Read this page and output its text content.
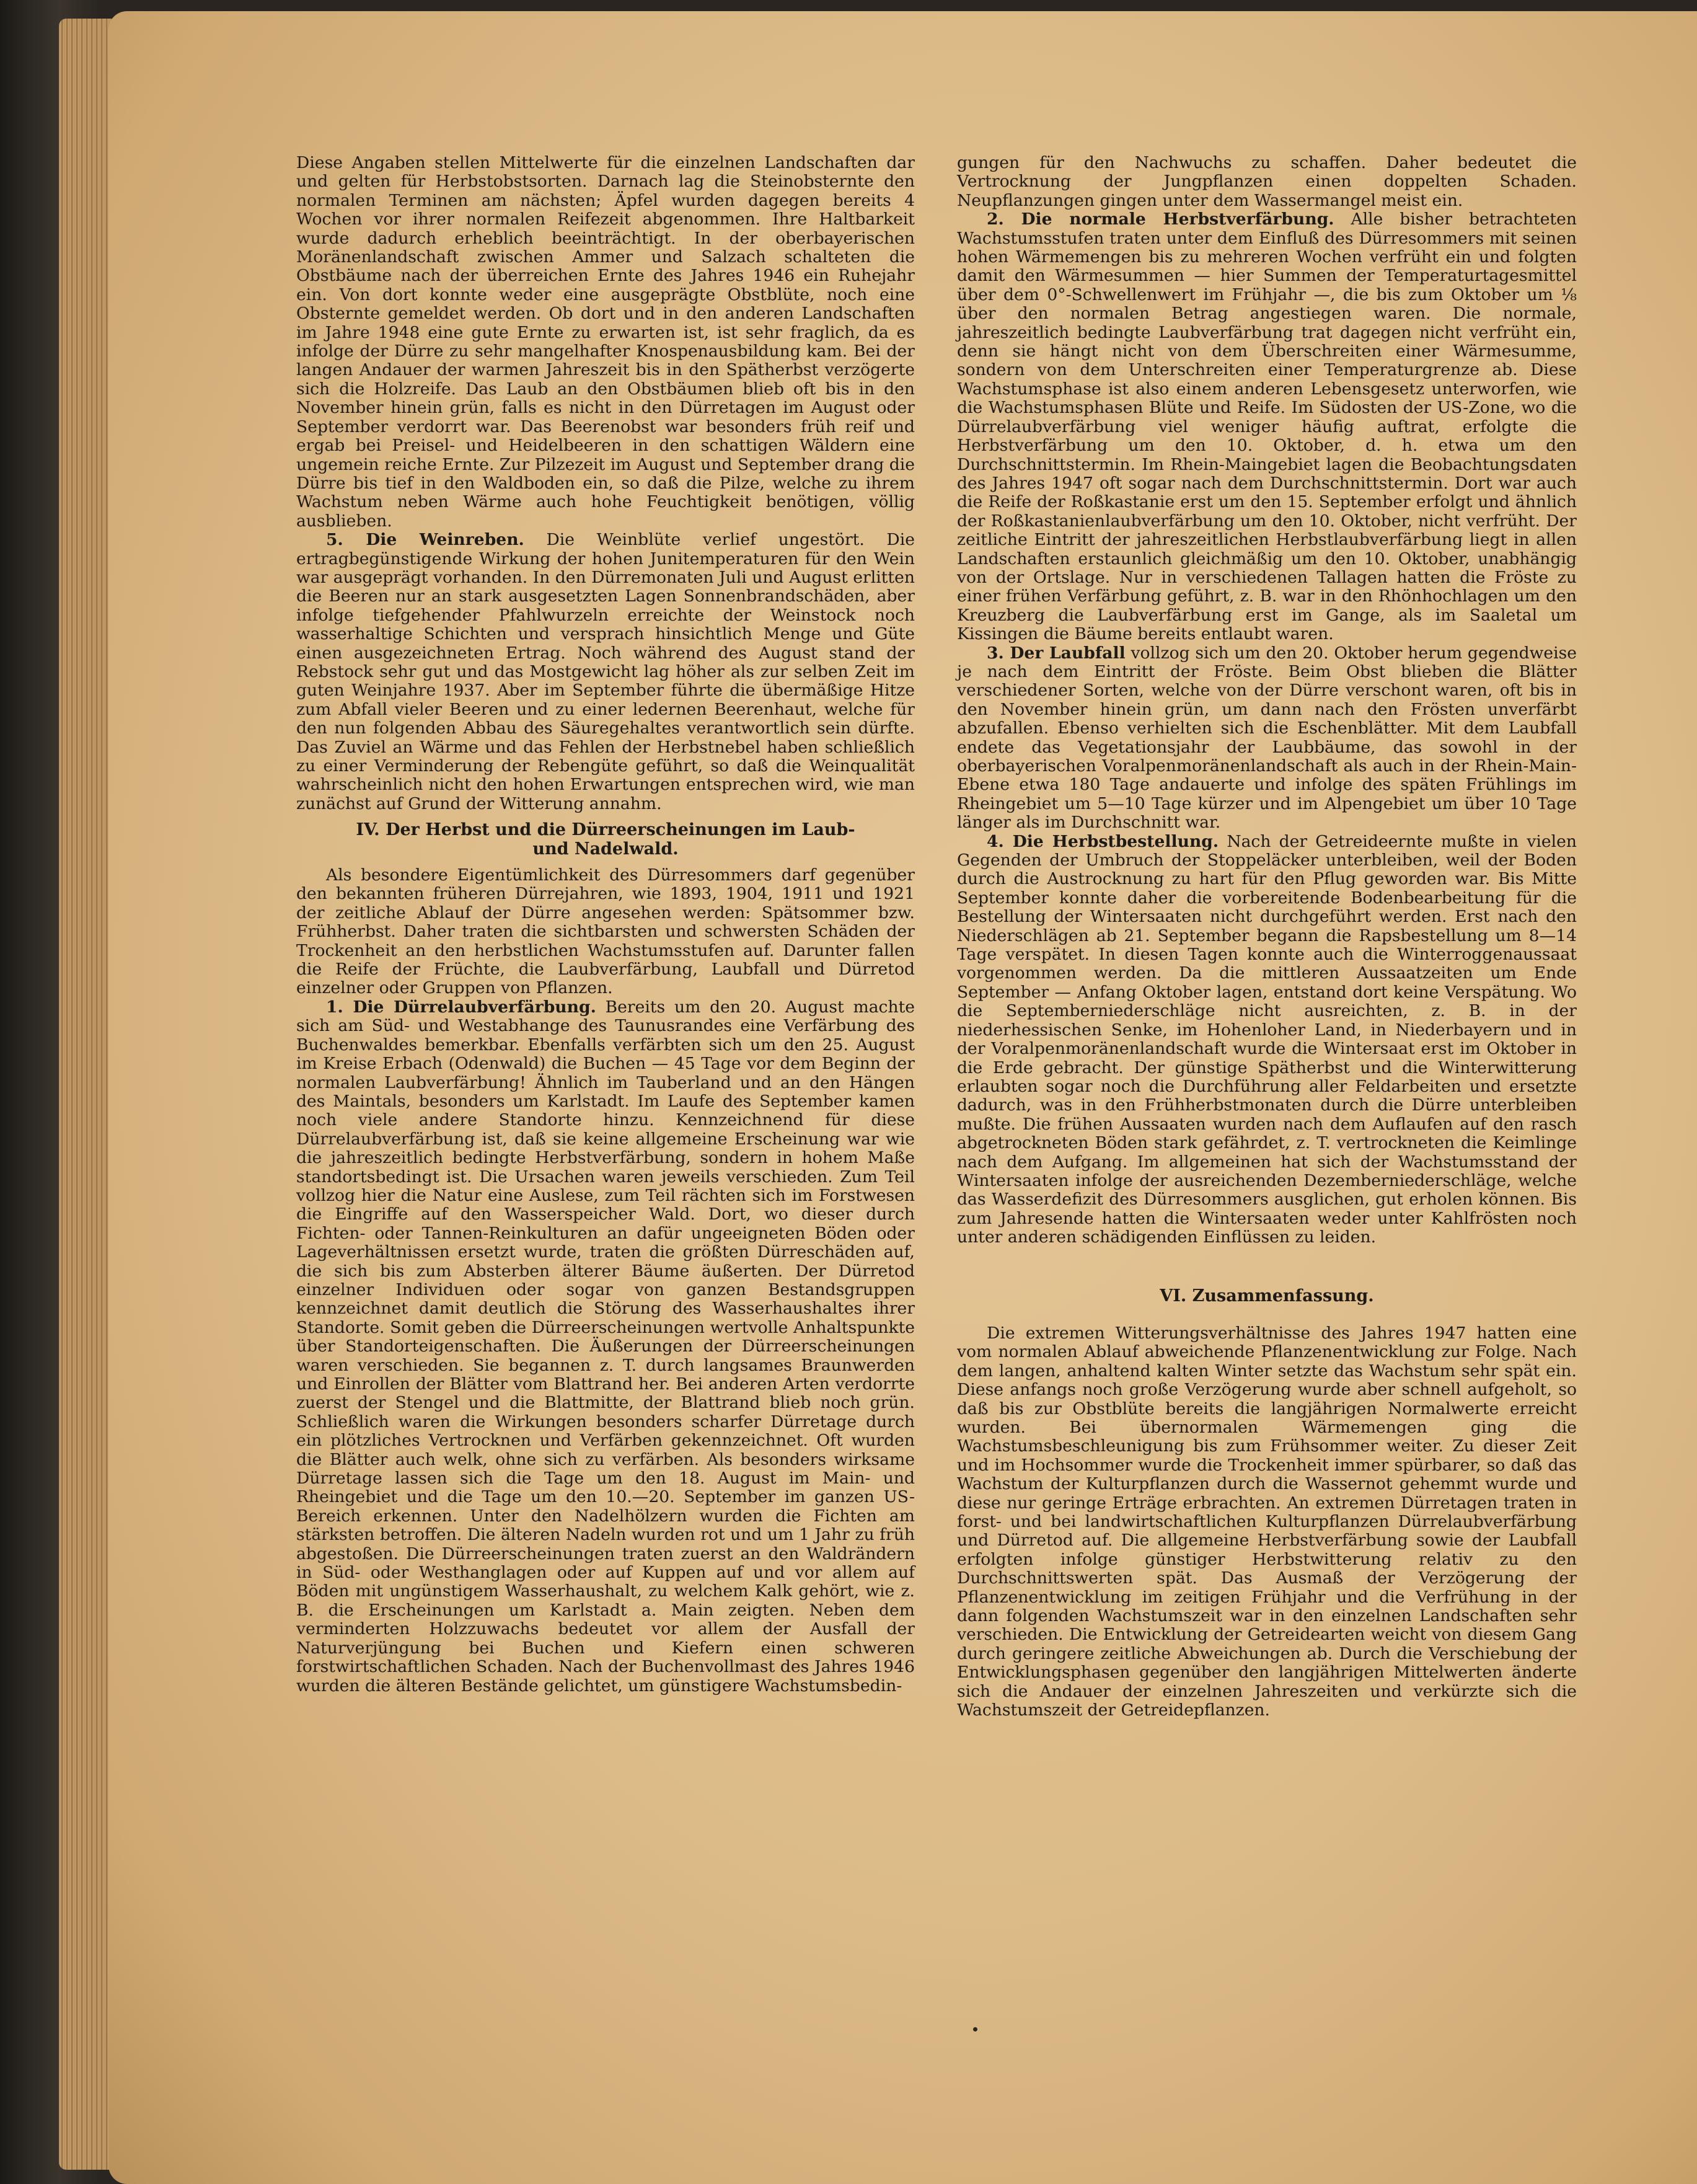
Diese Angaben stellen Mittelwerte für die einzelnen Landschaften dar und gelten für Herbstobstsorten. Darnach lag die Steinobsternte den normalen Terminen am nächsten; Äpfel wurden dagegen bereits 4 Wochen vor ihrer normalen Reifezeit abgenommen. Ihre Haltbarkeit wurde dadurch erheblich beeinträchtigt. In der oberbayerischen Moränenlandschaft zwischen Ammer und Salzach schalteten die Obstbäume nach der überreichen Ernte des Jahres 1946 ein Ruhejahr ein. Von dort konnte weder eine ausgeprägte Obstblüte, noch eine Obsternte gemeldet werden. Ob dort und in den anderen Landschaften im Jahre 1948 eine gute Ernte zu erwarten ist, ist sehr fraglich, da es infolge der Dürre zu sehr mangelhafter Knospenausbildung kam. Bei der langen Andauer der warmen Jahreszeit bis in den Spätherbst verzögerte sich die Holzreife. Das Laub an den Obstbäumen blieb oft bis in den November hinein grün, falls es nicht in den Dürretagen im August oder September verdorrt war. Das Beerenobst war besonders früh reif und ergab bei Preisel- und Heidelbeeren in den schattigen Wäldern eine ungemein reiche Ernte. Zur Pilzezeit im August und September drang die Dürre bis tief in den Waldboden ein, so daß die Pilze, welche zu ihrem Wachstum neben Wärme auch hohe Feuchtigkeit benötigen, völlig ausblieben.

5. Die Weinreben. Die Weinblüte verlief ungestört. Die ertragbegünstigende Wirkung der hohen Junitemperaturen für den Wein war ausgeprägt vorhanden. In den Dürremonaten Juli und August erlitten die Beeren nur an stark ausgesetzten Lagen Sonnenbrandschäden, aber infolge tiefgehender Pfahlwurzeln erreichte der Weinstock noch wasserhaltige Schichten und versprach hinsichtlich Menge und Güte einen ausgezeichneten Ertrag. Noch während des August stand der Rebstock sehr gut und das Mostgewicht lag höher als zur selben Zeit im guten Weinjahre 1937. Aber im September führte die übermäßige Hitze zum Abfall vieler Beeren und zu einer ledernen Beerenhaut, welche für den nun folgenden Abbau des Säuregehaltes verantwortlich sein dürfte. Das Zuviel an Wärme und das Fehlen der Herbstnebel haben schließlich zu einer Verminderung der Rebengüte geführt, so daß die Weinqualität wahrscheinlich nicht den hohen Erwartungen entsprechen wird, wie man zunächst auf Grund der Witterung annahm.

IV. Der Herbst und die Dürreerscheinungen im Laub-
und Nadelwald.

Als besondere Eigentümlichkeit des Dürresommers darf gegenüber den bekannten früheren Dürrejahren, wie 1893, 1904, 1911 und 1921 der zeitliche Ablauf der Dürre angesehen werden: Spätsommer bzw. Frühherbst. Daher traten die sichtbarsten und schwersten Schäden der Trockenheit an den herbstlichen Wachstumsstufen auf. Darunter fallen die Reife der Früchte, die Laubverfärbung, Laubfall und Dürretod einzelner oder Gruppen von Pflanzen.

1. Die Dürrelaubverfärbung. Bereits um den 20. August machte sich am Süd- und Westabhange des Taunusrandes eine Verfärbung des Buchenwaldes bemerkbar. Ebenfalls verfärbten sich um den 25. August im Kreise Erbach (Odenwald) die Buchen — 45 Tage vor dem Beginn der normalen Laubverfärbung! Ähnlich im Tauberland und an den Hängen des Maintals, besonders um Karlstadt. Im Laufe des September kamen noch viele andere Standorte hinzu. Kennzeichnend für diese Dürrelaubverfärbung ist, daß sie keine allgemeine Erscheinung war wie die jahreszeitlich bedingte Herbstverfärbung, sondern in hohem Maße standortsbedingt ist. Die Ursachen waren jeweils verschieden. Zum Teil vollzog hier die Natur eine Auslese, zum Teil rächten sich im Forstwesen die Eingriffe auf den Wasserspeicher Wald. Dort, wo dieser durch Fichten- oder Tannen-Reinkulturen an dafür ungeeigneten Böden oder Lageverhältnissen ersetzt wurde, traten die größten Dürreschäden auf, die sich bis zum Absterben älterer Bäume äußerten. Der Dürretod einzelner Individuen oder sogar von ganzen Bestandsgruppen kennzeichnet damit deutlich die Störung des Wasserhaushaltes ihrer Standorte. Somit geben die Dürreerscheinungen wertvolle Anhaltspunkte über Standorteigenschaften. Die Äußerungen der Dürreerscheinungen waren verschieden. Sie begannen z. T. durch langsames Braunwerden und Einrollen der Blätter vom Blattrand her. Bei anderen Arten verdorrte zuerst der Stengel und die Blattmitte, der Blattrand blieb noch grün. Schließlich waren die Wirkungen besonders scharfer Dürretage durch ein plötzliches Vertrocknen und Verfärben gekennzeichnet. Oft wurden die Blätter auch welk, ohne sich zu verfärben. Als besonders wirksame Dürretage lassen sich die Tage um den 18. August im Main- und Rheingebiet und die Tage um den 10.—20. September im ganzen US-Bereich erkennen. Unter den Nadelhölzern wurden die Fichten am stärksten betroffen. Die älteren Nadeln wurden rot und um 1 Jahr zu früh abgestoßen. Die Dürreerscheinungen traten zuerst an den Waldrändern in Süd- oder Westhanglagen oder auf Kuppen auf und vor allem auf Böden mit ungünstigem Wasserhaushalt, zu welchem Kalk gehört, wie z. B. die Erscheinungen um Karlstadt a. Main zeigten. Neben dem verminderten Holzzuwachs bedeutet vor allem der Ausfall der Naturverjüngung bei Buchen und Kiefern einen schweren forstwirtschaftlichen Schaden. Nach der Buchenvollmast des Jahres 1946 wurden die älteren Bestände gelichtet, um günstigere Wachstumsbedin-

gungen für den Nachwuchs zu schaffen. Daher bedeutet die Vertrocknung der Jungpflanzen einen doppelten Schaden. Neupflanzungen gingen unter dem Wassermangel meist ein.

2. Die normale Herbstverfärbung. Alle bisher betrachteten Wachstumsstufen traten unter dem Einfluß des Dürresommers mit seinen hohen Wärmemengen bis zu mehreren Wochen verfrüht ein und folgten damit den Wärmesummen — hier Summen der Temperaturtagesmittel über dem 0°-Schwellenwert im Frühjahr —, die bis zum Oktober um ⅛ über den normalen Betrag angestiegen waren. Die normale, jahreszeitlich bedingte Laubverfärbung trat dagegen nicht verfrüht ein, denn sie hängt nicht von dem Überschreiten einer Wärmesumme, sondern von dem Unterschreiten einer Temperaturgrenze ab. Diese Wachstumsphase ist also einem anderen Lebensgesetz unterworfen, wie die Wachstumsphasen Blüte und Reife. Im Südosten der US-Zone, wo die Dürrelaubverfärbung viel weniger häufig auftrat, erfolgte die Herbstverfärbung um den 10. Oktober, d. h. etwa um den Durchschnittstermin. Im Rhein-Maingebiet lagen die Beobachtungsdaten des Jahres 1947 oft sogar nach dem Durchschnittstermin. Dort war auch die Reife der Roßkastanie erst um den 15. September erfolgt und ähnlich der Roßkastanienlaubverfärbung um den 10. Oktober, nicht verfrüht. Der zeitliche Eintritt der jahreszeitlichen Herbstlaubverfärbung liegt in allen Landschaften erstaunlich gleichmäßig um den 10. Oktober, unabhängig von der Ortslage. Nur in verschiedenen Tallagen hatten die Fröste zu einer frühen Verfärbung geführt, z. B. war in den Rhönhochlagen um den Kreuzberg die Laubverfärbung erst im Gange, als im Saaletal um Kissingen die Bäume bereits entlaubt waren.

3. Der Laubfall vollzog sich um den 20. Oktober herum gegendweise je nach dem Eintritt der Fröste. Beim Obst blieben die Blätter verschiedener Sorten, welche von der Dürre verschont waren, oft bis in den November hinein grün, um dann nach den Frösten unverfärbt abzufallen. Ebenso verhielten sich die Eschenblätter. Mit dem Laubfall endete das Vegetationsjahr der Laubbäume, das sowohl in der oberbayerischen Voralpenmoränenlandschaft als auch in der Rhein-Main-Ebene etwa 180 Tage andauerte und infolge des späten Frühlings im Rheingebiet um 5—10 Tage kürzer und im Alpengebiet um über 10 Tage länger als im Durchschnitt war.

4. Die Herbstbestellung. Nach der Getreideernte mußte in vielen Gegenden der Umbruch der Stoppeläcker unterbleiben, weil der Boden durch die Austrocknung zu hart für den Pflug geworden war. Bis Mitte September konnte daher die vorbereitende Bodenbearbeitung für die Bestellung der Wintersaaten nicht durchgeführt werden. Erst nach den Niederschlägen ab 21. September begann die Rapsbestellung um 8—14 Tage verspätet. In diesen Tagen konnte auch die Winterroggenaussaat vorgenommen werden. Da die mittleren Aussaatzeiten um Ende September — Anfang Oktober lagen, entstand dort keine Verspätung. Wo die Septemberniederschläge nicht ausreichten, z. B. in der niederhessischen Senke, im Hohenloher Land, in Niederbayern und in der Voralpenmoränenlandschaft wurde die Wintersaat erst im Oktober in die Erde gebracht. Der günstige Spätherbst und die Winterwitterung erlaubten sogar noch die Durchführung aller Feldarbeiten und ersetzte dadurch, was in den Frühherbstmonaten durch die Dürre unterbleiben mußte. Die frühen Aussaaten wurden nach dem Auflaufen auf den rasch abgetrockneten Böden stark gefährdet, z. T. vertrockneten die Keimlinge nach dem Aufgang. Im allgemeinen hat sich der Wachstumsstand der Wintersaaten infolge der ausreichenden Dezemberniederschläge, welche das Wasserdefizit des Dürresommers ausglichen, gut erholen können. Bis zum Jahresende hatten die Wintersaaten weder unter Kahlfrösten noch unter anderen schädigenden Einflüssen zu leiden.

VI. Zusammenfassung.

Die extremen Witterungsverhältnisse des Jahres 1947 hatten eine vom normalen Ablauf abweichende Pflanzenentwicklung zur Folge. Nach dem langen, anhaltend kalten Winter setzte das Wachstum sehr spät ein. Diese anfangs noch große Verzögerung wurde aber schnell aufgeholt, so daß bis zur Obstblüte bereits die langjährigen Normalwerte erreicht wurden. Bei übernormalen Wärmemengen ging die Wachstumsbeschleunigung bis zum Frühsommer weiter. Zu dieser Zeit und im Hochsommer wurde die Trockenheit immer spürbarer, so daß das Wachstum der Kulturpflanzen durch die Wassernot gehemmt wurde und diese nur geringe Erträge erbrachten. An extremen Dürretagen traten in forst- und bei landwirtschaftlichen Kulturpflanzen Dürrelaubverfärbung und Dürretod auf. Die allgemeine Herbstverfärbung sowie der Laubfall erfolgten infolge günstiger Herbstwitterung relativ zu den Durchschnittswerten spät. Das Ausmaß der Verzögerung der Pflanzenentwicklung im zeitigen Frühjahr und die Verfrühung in der dann folgenden Wachstumszeit war in den einzelnen Landschaften sehr verschieden. Die Entwicklung der Getreidearten weicht von diesem Gang durch geringere zeitliche Abweichungen ab. Durch die Verschiebung der Entwicklungsphasen gegenüber den langjährigen Mittelwerten änderte sich die Andauer der einzelnen Jahreszeiten und verkürzte sich die Wachstumszeit der Getreidepflanzen.
